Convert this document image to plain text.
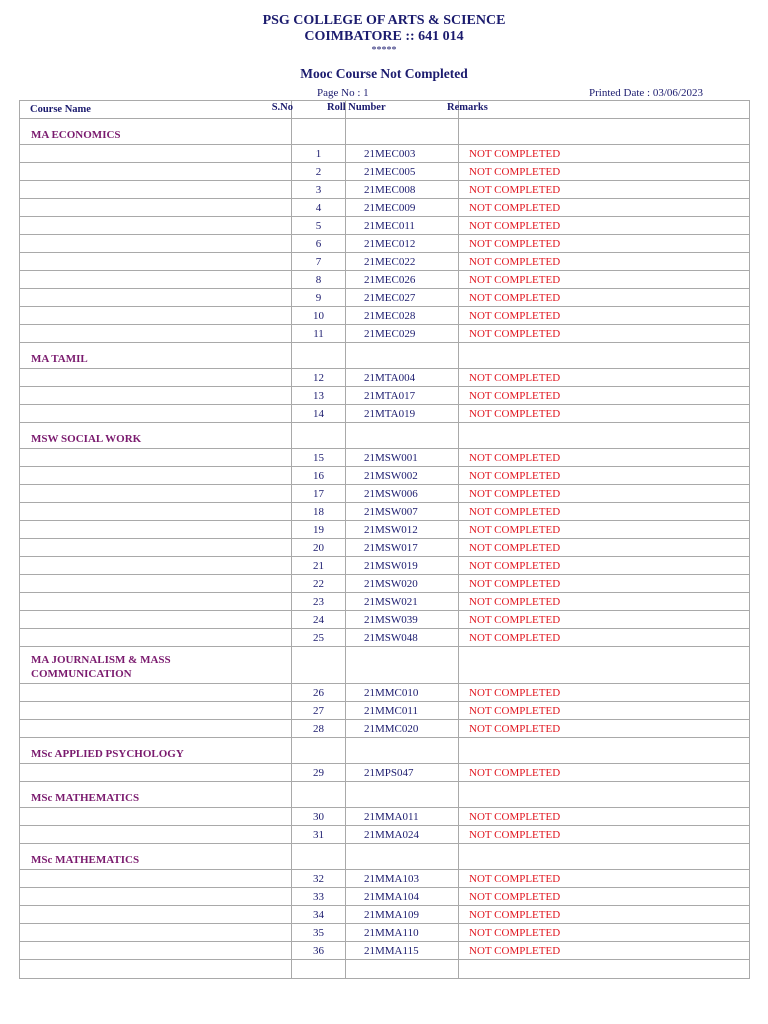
PSG COLLEGE OF ARTS & SCIENCE
COIMBATORE :: 641 014
*****
Mooc Course Not Completed
Page No : 1	Printed Date : 03/06/2023
Course Name S.No		Roll Number	Remarks

MA ECONOMICS			
	1	21MEC003	NOT COMPLETED
	2	21MEC005	NOT COMPLETED
	3	21MEC008	NOT COMPLETED
	4	21MEC009	NOT COMPLETED
	5	21MEC011	NOT COMPLETED
	6	21MEC012	NOT COMPLETED
	7	21MEC022	NOT COMPLETED
	8	21MEC026	NOT COMPLETED
	9	21MEC027	NOT COMPLETED
	10	21MEC028	NOT COMPLETED
	11	21MEC029	NOT COMPLETED
MA TAMIL			
	12	21MTA004	NOT COMPLETED
	13	21MTA017	NOT COMPLETED
	14	21MTA019	NOT COMPLETED
MSW SOCIAL WORK			
	15	21MSW001	NOT COMPLETED
	16	21MSW002	NOT COMPLETED
	17	21MSW006	NOT COMPLETED
	18	21MSW007	NOT COMPLETED
	19	21MSW012	NOT COMPLETED
	20	21MSW017	NOT COMPLETED
	21	21MSW019	NOT COMPLETED
	22	21MSW020	NOT COMPLETED
	23	21MSW021	NOT COMPLETED
	24	21MSW039	NOT COMPLETED
	25	21MSW048	NOT COMPLETED
MA JOURNALISM & MASS COMMUNICATION			
	26	21MMC010	NOT COMPLETED
	27	21MMC011	NOT COMPLETED
	28	21MMC020	NOT COMPLETED
MSc APPLIED PSYCHOLOGY			
	29	21MPS047	NOT COMPLETED
MSc MATHEMATICS			
	30	21MMA011	NOT COMPLETED
	31	21MMA024	NOT COMPLETED
MSc MATHEMATICS			
	32	21MMA103	NOT COMPLETED
	33	21MMA104	NOT COMPLETED
	34	21MMA109	NOT COMPLETED
	35	21MMA110	NOT COMPLETED
	36	21MMA115	NOT COMPLETED
